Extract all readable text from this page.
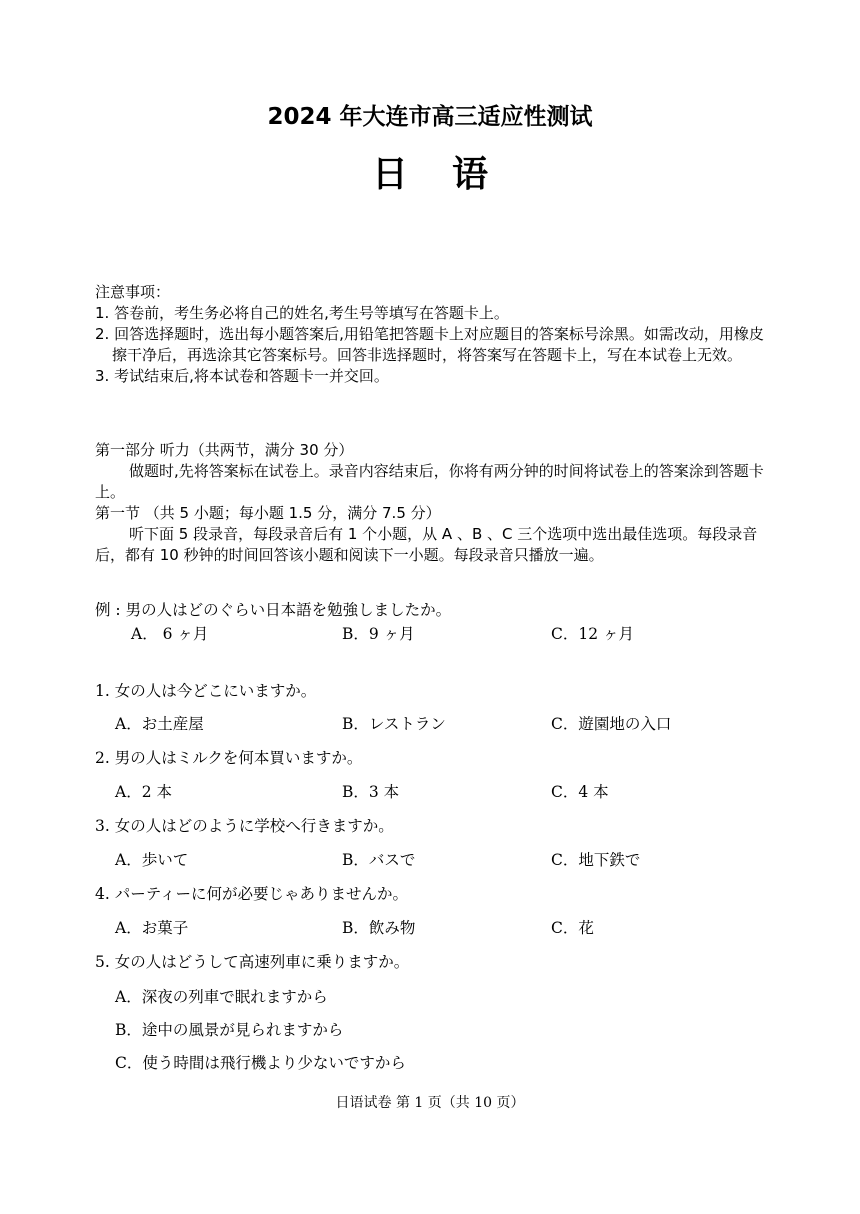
2024 年大连市高三适应性测试
日 语
注意事项：
1. 答卷前，考生务必将自己的姓名,考生号等填写在答题卡上。
2. 回答选择题时，选出每小题答案后,用铅笔把答题卡上对应题目的答案标号涂黑。如需改动，用橡皮擦干净后，再选涂其它答案标号。回答非选择题时，将答案写在答题卡上，写在本试卷上无效。
3. 考试结束后,将本试卷和答题卡一并交回。
第一部分 听力（共两节，满分 30 分）
做题时,先将答案标在试卷上。录音内容结束后，你将有两分钟的时间将试卷上的答案涂到答题卡上。
第一节 （共 5 小题；每小题 1.5 分，满分 7.5 分）
听下面 5 段录音，每段录音后有 1 个小题，从 A 、B 、C 三个选项中选出最佳选项。每段录音后，都有 10 秒钟的时间回答该小题和阅读下一小题。每段录音只播放一遍。
例 : 男の人はどのぐらい日本語を勉強しましたか。
A． 6 ヶ月	B．9 ヶ月	C．12 ヶ月
1. 女の人は今どこにいますか。
A．お土産屋	B．レストラン	C．遊園地の入口
2. 男の人はミルクを何本買いますか。
A．2 本	B．3 本	C．4 本
3. 女の人はどのように学校へ行きますか。
A．歩いて	B．バスで	C．地下鉄で
4. パーティーに何が必要じゃありませんか。
A．お菓子	B．飲み物	C．花
5. 女の人はどうして高速列車に乗りますか。
A．深夜の列車で眠れますから
B．途中の風景が見られますから
C．使う時間は飛行機より少ないですから
日语试卷 第 1 页（共 10 页）
